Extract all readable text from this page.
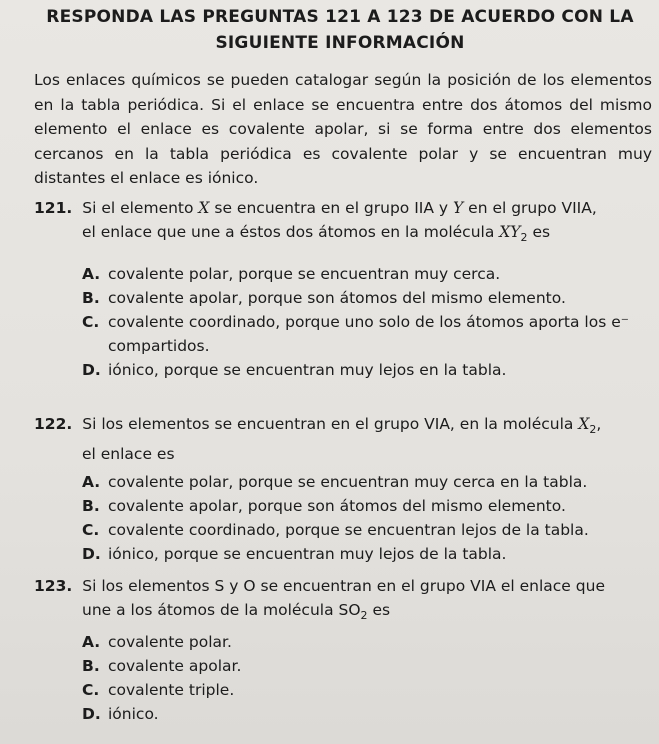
RESPONDA LAS PREGUNTAS 121 A 123 DE ACUERDO CON LA
SIGUIENTE INFORMACIÓN
Los enlaces químicos se pueden catalogar según la posición de los elementos en la tabla periódica. Si el enlace se encuentra entre dos átomos del mismo elemento el enlace es covalente apolar, si se forma entre dos elementos cercanos en la tabla periódica es covalente polar y se encuentran muy distantes el enlace es iónico.
121. Si el elemento X se encuentra en el grupo IIA y Y en el grupo VIIA,
el enlace que une a éstos dos átomos en la molécula $XY_2$ es
A. covalente polar, porque se encuentran muy cerca.
B. covalente apolar, porque son átomos del mismo elemento.
C. covalente coordinado, porque uno solo de los átomos aporta los e⁻ compartidos.
D. iónico, porque se encuentran muy lejos en la tabla.
122. Si los elementos se encuentran en el grupo VIA, en la molécula $X_2$,
el enlace es
A. covalente polar, porque se encuentran muy cerca en la tabla.
B. covalente apolar, porque son átomos del mismo elemento.
C. covalente coordinado, porque se encuentran lejos de la tabla.
D. iónico, porque se encuentran muy lejos de la tabla.
123. Si los elementos S y O se encuentran en el grupo VIA el enlace que
une a los átomos de la molécula $SO_2$ es
A. covalente polar.
B. covalente apolar.
C. covalente triple.
D. iónico.
